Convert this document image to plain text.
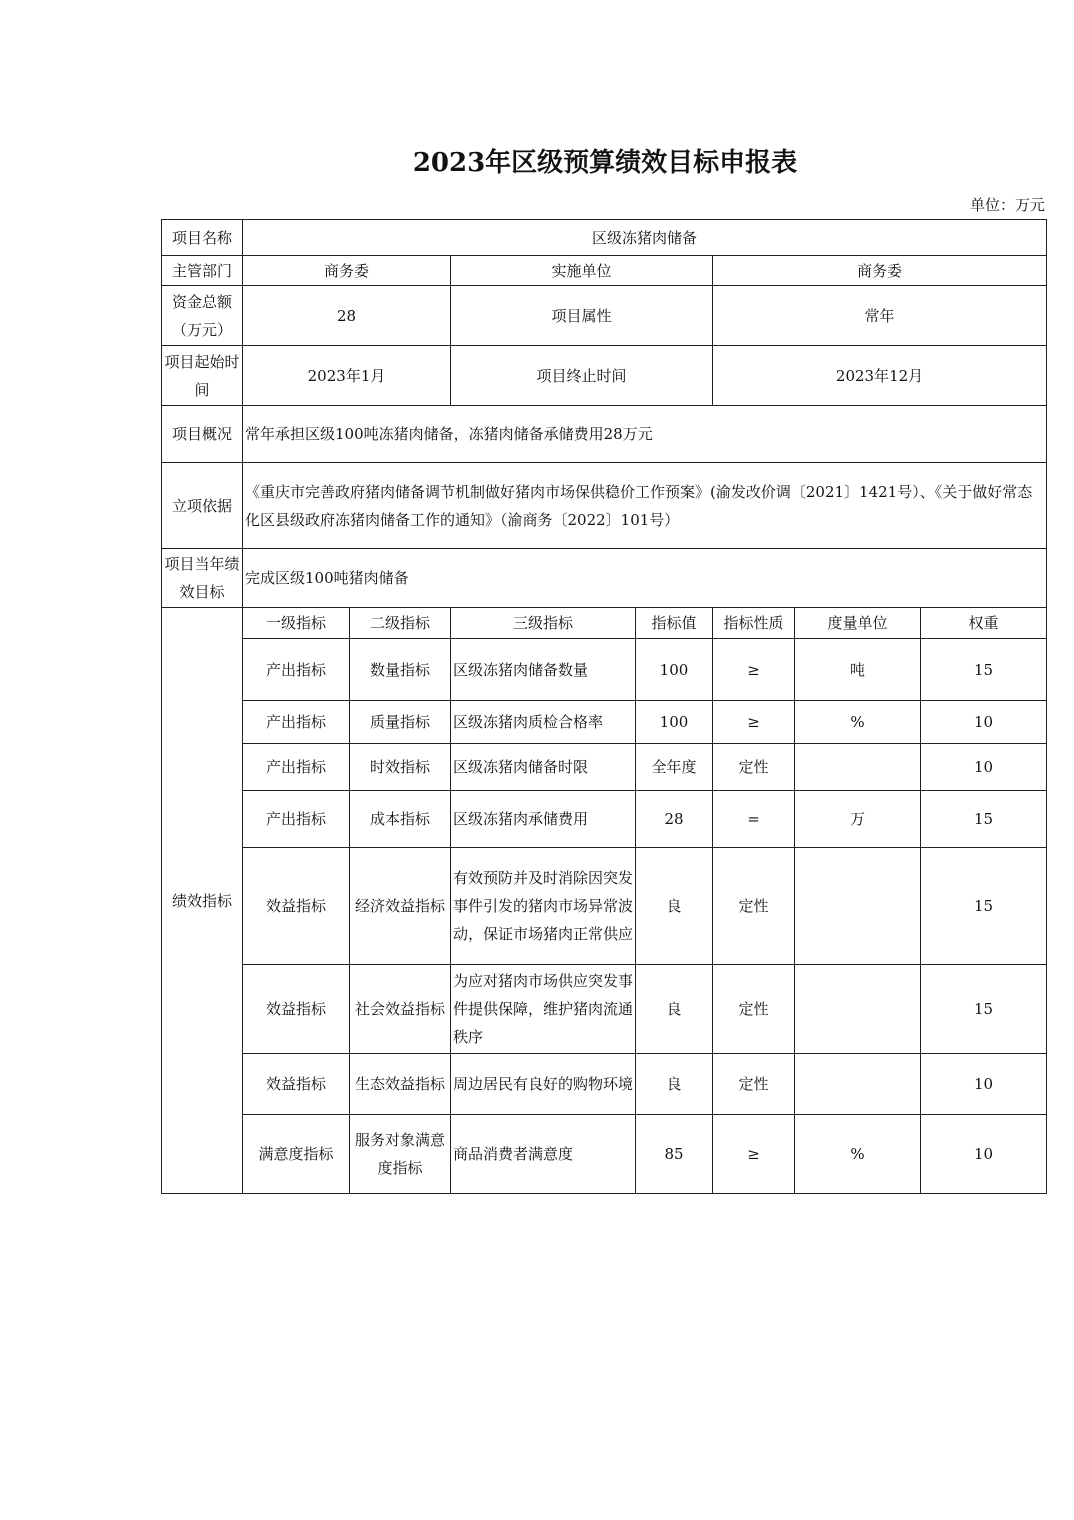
2023年区级预算绩效目标申报表
单位：万元
项目名称	区级冻猪肉储备						
主管部门	商务委		实施单位		商务委		
资金总额（万元）	28		项目属性		常年		
项目起始时间	2023年1月		项目终止时间		2023年12月		
项目概况	常年承担区级100吨冻猪肉储备，冻猪肉储备承储费用28万元						
立项依据	《重庆市完善政府猪肉储备调节机制做好猪肉市场保供稳价工作预案》(渝发改价调〔2021〕1421号）、《关于做好常态化区县级政府冻猪肉储备工作的通知》（渝商务〔2022〕101号）						
项目当年绩效目标	完成区级100吨猪肉储备						
绩效指标	一级指标	二级指标	三级指标	指标值	指标性质	度量单位	权重
	产出指标	数量指标	区级冻猪肉储备数量	100	≥	吨	15
	产出指标	质量指标	区级冻猪肉质检合格率	100	≥	%	10
	产出指标	时效指标	区级冻猪肉储备时限	全年度	定性		10
	产出指标	成本指标	区级冻猪肉承储费用	28	=	万	15
	效益指标	经济效益指标	有效预防并及时消除因突发事件引发的猪肉市场异常波动，保证市场猪肉正常供应	良	定性		15
	效益指标	社会效益指标	为应对猪肉市场供应突发事件提供保障，维护猪肉流通秩序	良	定性		15
	效益指标	生态效益指标	周边居民有良好的购物环境	良	定性		10
	满意度指标	服务对象满意度指标	商品消费者满意度	85	≥	%	10
